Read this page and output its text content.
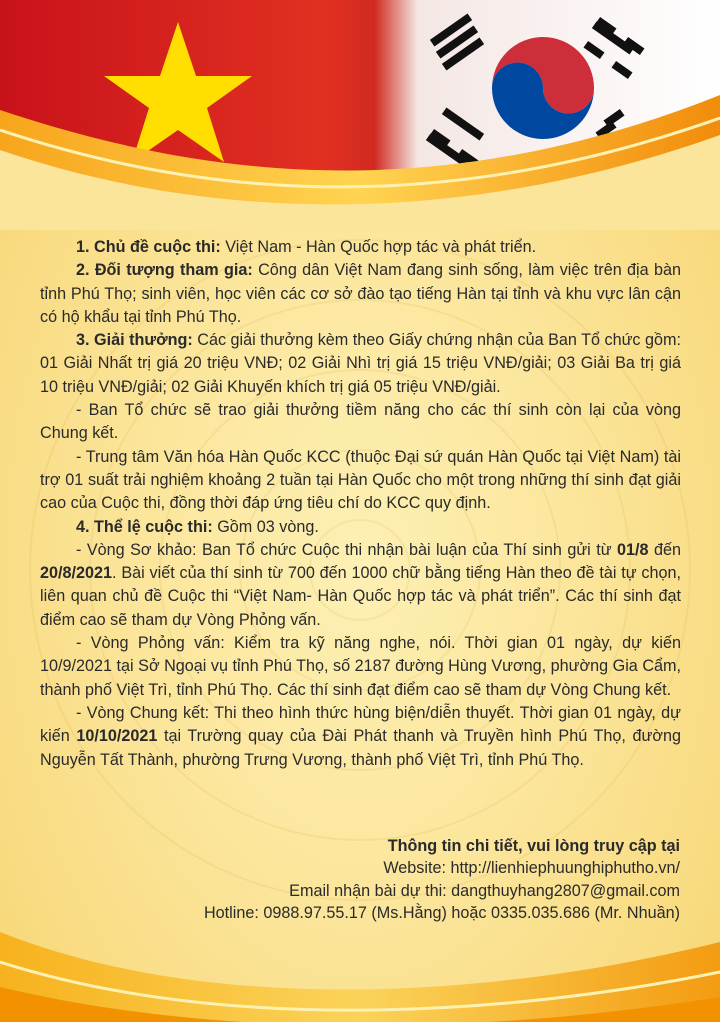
1. Chủ đề cuộc thi: Việt Nam - Hàn Quốc hợp tác và phát triển.

2. Đối tượng tham gia: Công dân Việt Nam đang sinh sống, làm việc trên địa bàn tỉnh Phú Thọ; sinh viên, học viên các cơ sở đào tạo tiếng Hàn tại tỉnh và khu vực lân cận có hộ khẩu tại tỉnh Phú Thọ.

3. Giải thưởng: Các giải thưởng kèm theo Giấy chứng nhận của Ban Tổ chức gồm: 01 Giải Nhất trị giá 20 triệu VNĐ; 02 Giải Nhì trị giá 15 triệu VNĐ/giải; 03 Giải Ba trị giá 10 triệu VNĐ/giải; 02 Giải Khuyến khích trị giá 05 triệu VNĐ/giải.

- Ban Tổ chức sẽ trao giải thưởng tiềm năng cho các thí sinh còn lại của vòng Chung kết.

- Trung tâm Văn hóa Hàn Quốc KCC (thuộc Đại sứ quán Hàn Quốc tại Việt Nam) tài trợ 01 suất trải nghiệm khoảng 2 tuần tại Hàn Quốc cho một trong những thí sinh đạt giải cao của Cuộc thi, đồng thời đáp ứng tiêu chí do KCC quy định.

4. Thể lệ cuộc thi: Gồm 03 vòng.

- Vòng Sơ khảo: Ban Tổ chức Cuộc thi nhận bài luận của Thí sinh gửi từ 01/8 đến 20/8/2021. Bài viết của thí sinh từ 700 đến 1000 chữ bằng tiếng Hàn theo đề tài tự chọn, liên quan chủ đề Cuộc thi “Việt Nam- Hàn Quốc hợp tác và phát triển”. Các thí sinh đạt điểm cao sẽ tham dự Vòng Phỏng vấn.

- Vòng Phỏng vấn: Kiểm tra kỹ năng nghe, nói. Thời gian 01 ngày, dự kiến 10/9/2021 tại Sở Ngoại vụ tỉnh Phú Thọ, số 2187 đường Hùng Vương, phường Gia Cẩm, thành phố Việt Trì, tỉnh Phú Thọ. Các thí sinh đạt điểm cao sẽ tham dự Vòng Chung kết.

- Vòng Chung kết: Thi theo hình thức hùng biện/diễn thuyết. Thời gian 01 ngày, dự kiến 10/10/2021 tại Trường quay của Đài Phát thanh và Truyền hình Phú Thọ, đường Nguyễn Tất Thành, phường Trưng Vương, thành phố Việt Trì, tỉnh Phú Thọ.

Thông tin chi tiết, vui lòng truy cập tại
Website: http://lienhiephuunghiphutho.vn/
Email nhận bài dự thi: dangthuyhang2807@gmail.com
Hotline: 0988.97.55.17 (Ms.Hằng) hoặc 0335.035.686 (Mr. Nhuần)
